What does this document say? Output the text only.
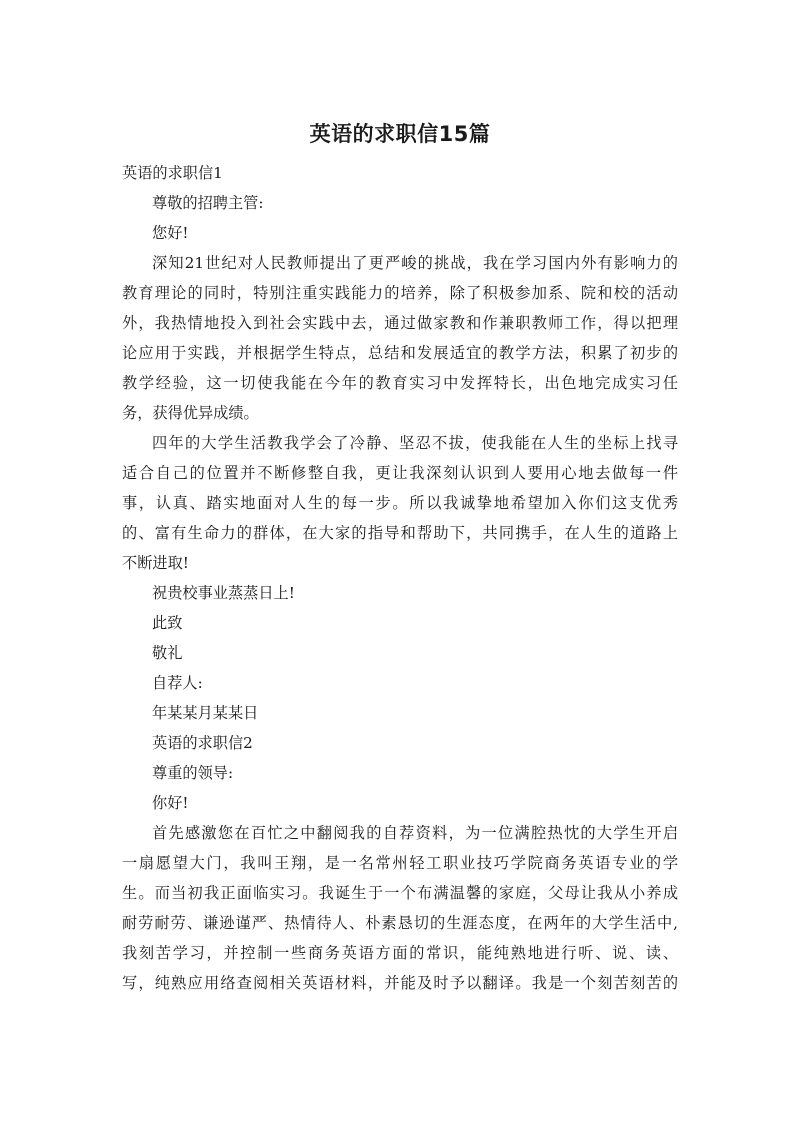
英语的求职信15篇
英语的求职信1
尊敬的招聘主管:
您好!
深知21世纪对人民教师提出了更严峻的挑战，我在学习国内外有影响力的
教育理论的同时，特别注重实践能力的培养，除了积极参加系、院和校的活动
外，我热情地投入到社会实践中去，通过做家教和作兼职教师工作，得以把理
论应用于实践，并根据学生特点，总结和发展适宜的教学方法，积累了初步的
教学经验，这一切使我能在今年的教育实习中发挥特长，出色地完成实习任
务，获得优异成绩。
四年的大学生活教我学会了冷静、坚忍不拔，使我能在人生的坐标上找寻
适合自己的位置并不断修整自我，更让我深刻认识到人要用心地去做每一件
事，认真、踏实地面对人生的每一步。所以我诚挚地希望加入你们这支优秀
的、富有生命力的群体，在大家的指导和帮助下，共同携手，在人生的道路上
不断进取!
祝贵校事业蒸蒸日上!
此致
敬礼
自荐人:
年某某月某某日
英语的求职信2
尊重的领导:
你好!
首先感激您在百忙之中翻阅我的自荐资料，为一位满腔热忱的大学生开启
一扇愿望大门，我叫王翔，是一名常州轻工职业技巧学院商务英语专业的学
生。而当初我正面临实习。我诞生于一个布满温馨的家庭，父母让我从小养成
耐劳耐劳、谦逊谨严、热情待人、朴素恳切的生涯态度，在两年的大学生活中,
我刻苦学习，并控制一些商务英语方面的常识，能纯熟地进行听、说、读、
写，纯熟应用络查阅相关英语材料，并能及时予以翻译。我是一个刻苦刻苦的
